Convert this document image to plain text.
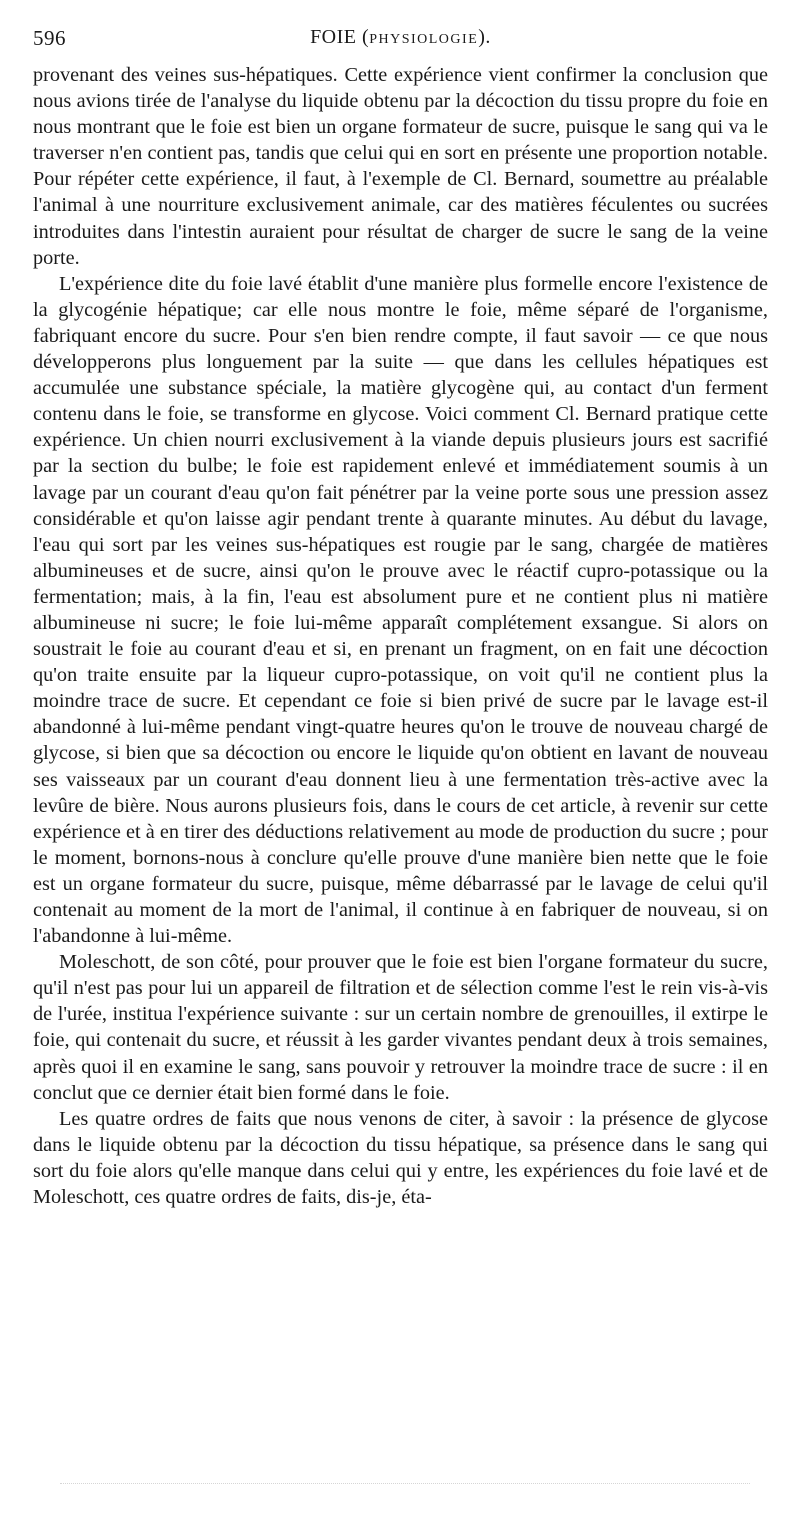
596	FOIE (PHYSIOLOGIE).

provenant des veines sus-hépatiques. Cette expérience vient confirmer la conclusion que nous avions tirée de l'analyse du liquide obtenu par la décoction du tissu propre du foie en nous montrant que le foie est bien un organe formateur de sucre, puisque le sang qui va le traverser n'en contient pas, tandis que celui qui en sort en présente une proportion notable. Pour répéter cette expérience, il faut, à l'exemple de Cl. Bernard, soumettre au préalable l'animal à une nourriture exclusivement animale, car des matières féculentes ou sucrées introduites dans l'intestin auraient pour résultat de charger de sucre le sang de la veine porte.

L'expérience dite du foie lavé établit d'une manière plus formelle encore l'existence de la glycogénie hépatique; car elle nous montre le foie, même séparé de l'organisme, fabriquant encore du sucre. Pour s'en bien rendre compte, il faut savoir — ce que nous développerons plus longuement par la suite — que dans les cellules hépatiques est accumulée une substance spéciale, la matière glycogène qui, au contact d'un ferment contenu dans le foie, se transforme en glycose. Voici comment Cl. Bernard pratique cette expérience. Un chien nourri exclusivement à la viande depuis plusieurs jours est sacrifié par la section du bulbe; le foie est rapidement enlevé et immédiatement soumis à un lavage par un courant d'eau qu'on fait pénétrer par la veine porte sous une pression assez considérable et qu'on laisse agir pendant trente à quarante minutes. Au début du lavage, l'eau qui sort par les veines sus-hépatiques est rougie par le sang, chargée de matières albumineuses et de sucre, ainsi qu'on le prouve avec le réactif cupro-potassique ou la fermentation; mais, à la fin, l'eau est absolument pure et ne contient plus ni matière albumineuse ni sucre; le foie lui-même apparaît complétement exsangue. Si alors on soustrait le foie au courant d'eau et si, en prenant un fragment, on en fait une décoction qu'on traite ensuite par la liqueur cupro-potassique, on voit qu'il ne contient plus la moindre trace de sucre. Et cependant ce foie si bien privé de sucre par le lavage est-il abandonné à lui-même pendant vingt-quatre heures qu'on le trouve de nouveau chargé de glycose, si bien que sa décoction ou encore le liquide qu'on obtient en lavant de nouveau ses vaisseaux par un courant d'eau donnent lieu à une fermentation très-active avec la levûre de bière. Nous aurons plusieurs fois, dans le cours de cet article, à revenir sur cette expérience et à en tirer des déductions relativement au mode de production du sucre ; pour le moment, bornons-nous à conclure qu'elle prouve d'une manière bien nette que le foie est un organe formateur du sucre, puisque, même débarrassé par le lavage de celui qu'il contenait au moment de la mort de l'animal, il continue à en fabriquer de nouveau, si on l'abandonne à lui-même.

Moleschott, de son côté, pour prouver que le foie est bien l'organe formateur du sucre, qu'il n'est pas pour lui un appareil de filtration et de sélection comme l'est le rein vis-à-vis de l'urée, institua l'expérience suivante : sur un certain nombre de grenouilles, il extirpe le foie, qui contenait du sucre, et réussit à les garder vivantes pendant deux à trois semaines, après quoi il en examine le sang, sans pouvoir y retrouver la moindre trace de sucre : il en conclut que ce dernier était bien formé dans le foie.

Les quatre ordres de faits que nous venons de citer, à savoir : la présence de glycose dans le liquide obtenu par la décoction du tissu hépatique, sa présence dans le sang qui sort du foie alors qu'elle manque dans celui qui y entre, les expériences du foie lavé et de Moleschott, ces quatre ordres de faits, dis-je, éta-
